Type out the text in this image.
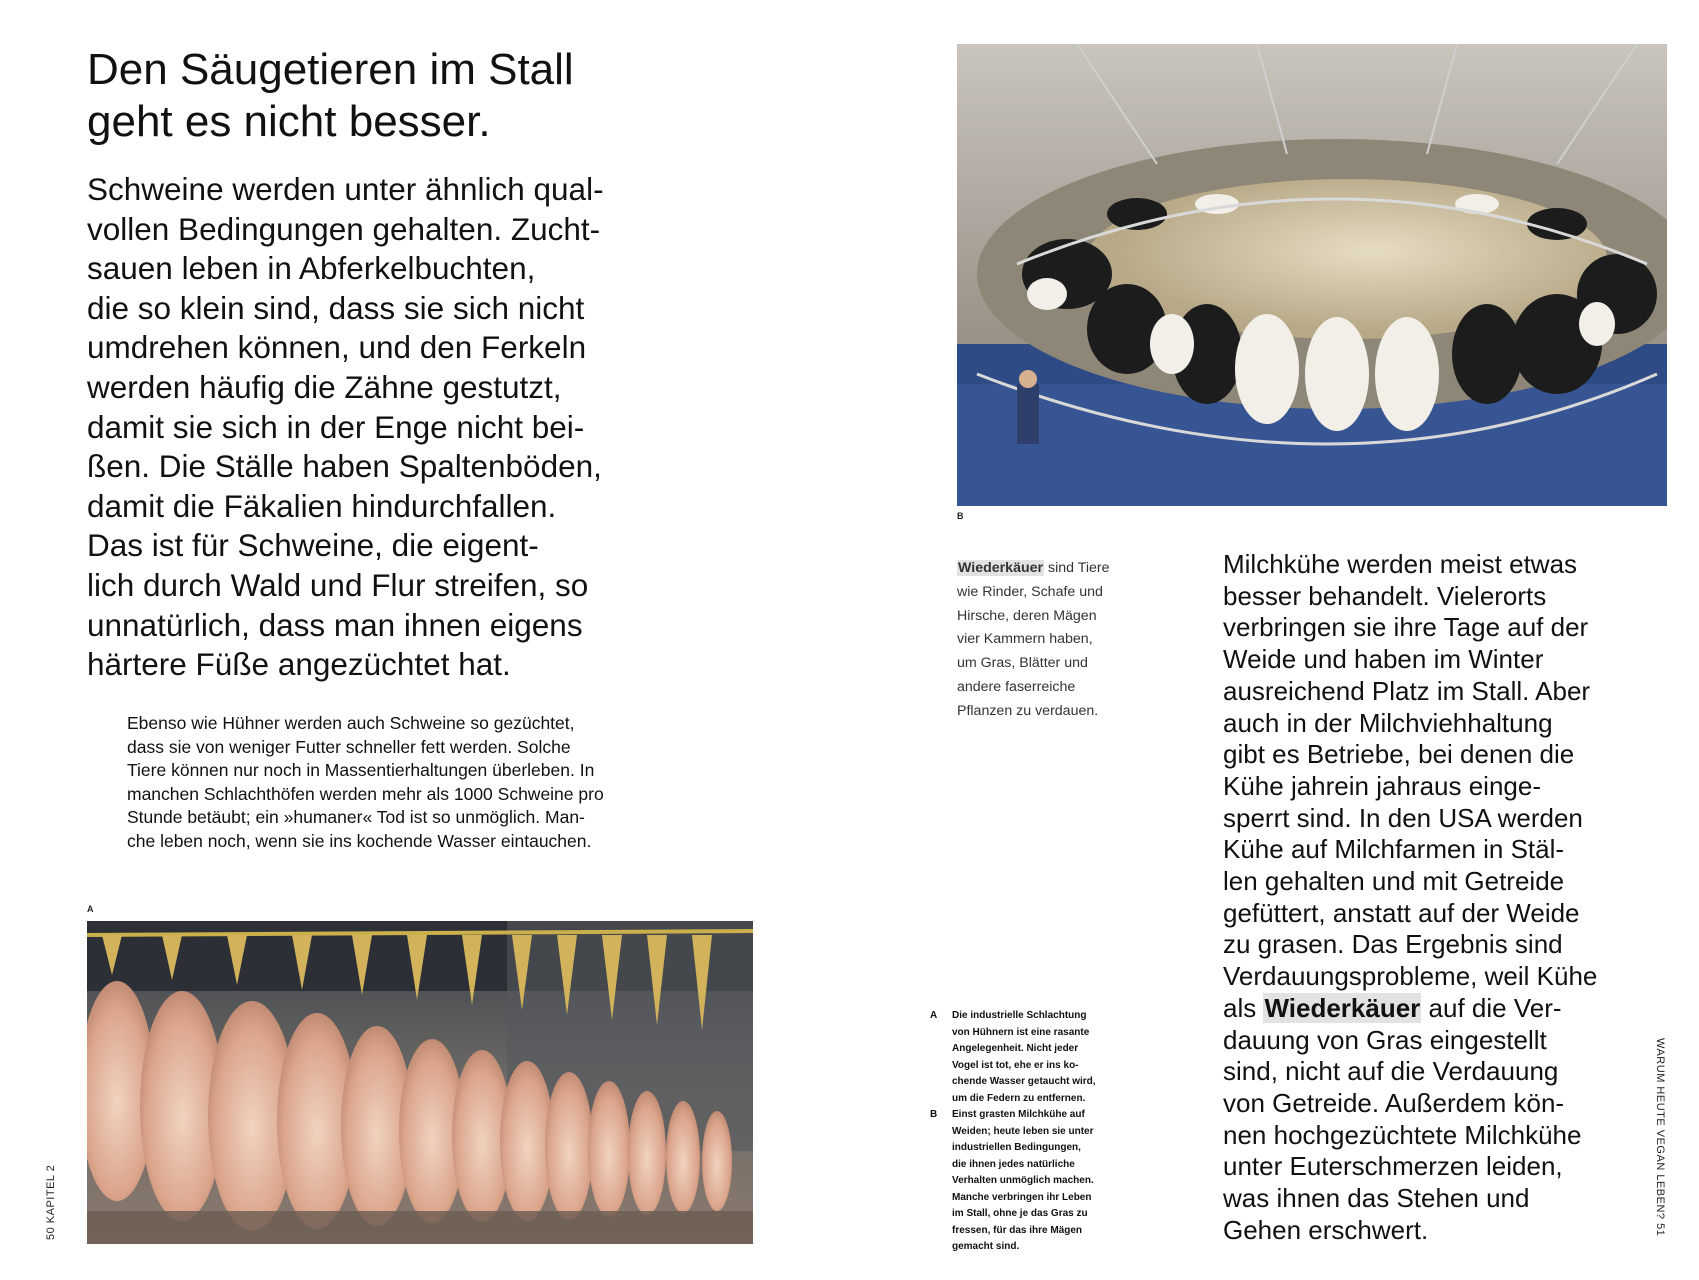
Den Säugetieren im Stall
geht es nicht besser.
Schweine werden unter ähnlich qual-
vollen Bedingungen gehalten. Zucht-
sauen leben in Abferkelbuchten,
die so klein sind, dass sie sich nicht
umdrehen können, und den Ferkeln
werden häufig die Zähne gestutzt,
damit sie sich in der Enge nicht bei-
ßen. Die Ställe haben Spaltenböden,
damit die Fäkalien hindurchfallen.
Das ist für Schweine, die eigent-
lich durch Wald und Flur streifen, so
unnatürlich, dass man ihnen eigens
härtere Füße angezüchtet hat.
Ebenso wie Hühner werden auch Schweine so gezüchtet,
dass sie von weniger Futter schneller fett werden. Solche
Tiere können nur noch in Massentierhaltungen überleben. In
manchen Schlachthöfen werden mehr als 1000 Schweine pro
Stunde betäubt; ein »humaner« Tod ist so unmöglich. Man-
che leben noch, wenn sie ins kochende Wasser eintauchen.
A
50 KAPITEL 2
B
Wiederkäuer sind Tiere
wie Rinder, Schafe und
Hirsche, deren Mägen
vier Kammern haben,
um Gras, Blätter und
andere faserreiche
Pflanzen zu verdauen.
Milchkühe werden meist etwas
besser behandelt. Vielerorts
verbringen sie ihre Tage auf der
Weide und haben im Winter
ausreichend Platz im Stall. Aber
auch in der Milchviehhaltung
gibt es Betriebe, bei denen die
Kühe jahrein jahraus einge-
sperrt sind. In den USA werden
Kühe auf Milchfarmen in Stäl-
len gehalten und mit Getreide
gefüttert, anstatt auf der Weide
zu grasen. Das Ergebnis sind
Verdauungsprobleme, weil Kühe
als Wiederkäuer auf die Ver-
dauung von Gras eingestellt
sind, nicht auf die Verdauung
von Getreide. Außerdem kön-
nen hochgezüchtete Milchkühe
unter Euterschmerzen leiden,
was ihnen das Stehen und
Gehen erschwert.
A	Die industrielle Schlachtung
von Hühnern ist eine rasante
Angelegenheit. Nicht jeder
Vogel ist tot, ehe er ins ko-
chende Wasser getaucht wird,
um die Federn zu entfernen.
B	Einst grasten Milchkühe auf
Weiden; heute leben sie unter
industriellen Bedingungen,
die ihnen jedes natürliche
Verhalten unmöglich machen.
Manche verbringen ihr Leben
im Stall, ohne je das Gras zu
fressen, für das ihre Mägen
gemacht sind.
WARUM HEUTE VEGAN LEBEN? 51
